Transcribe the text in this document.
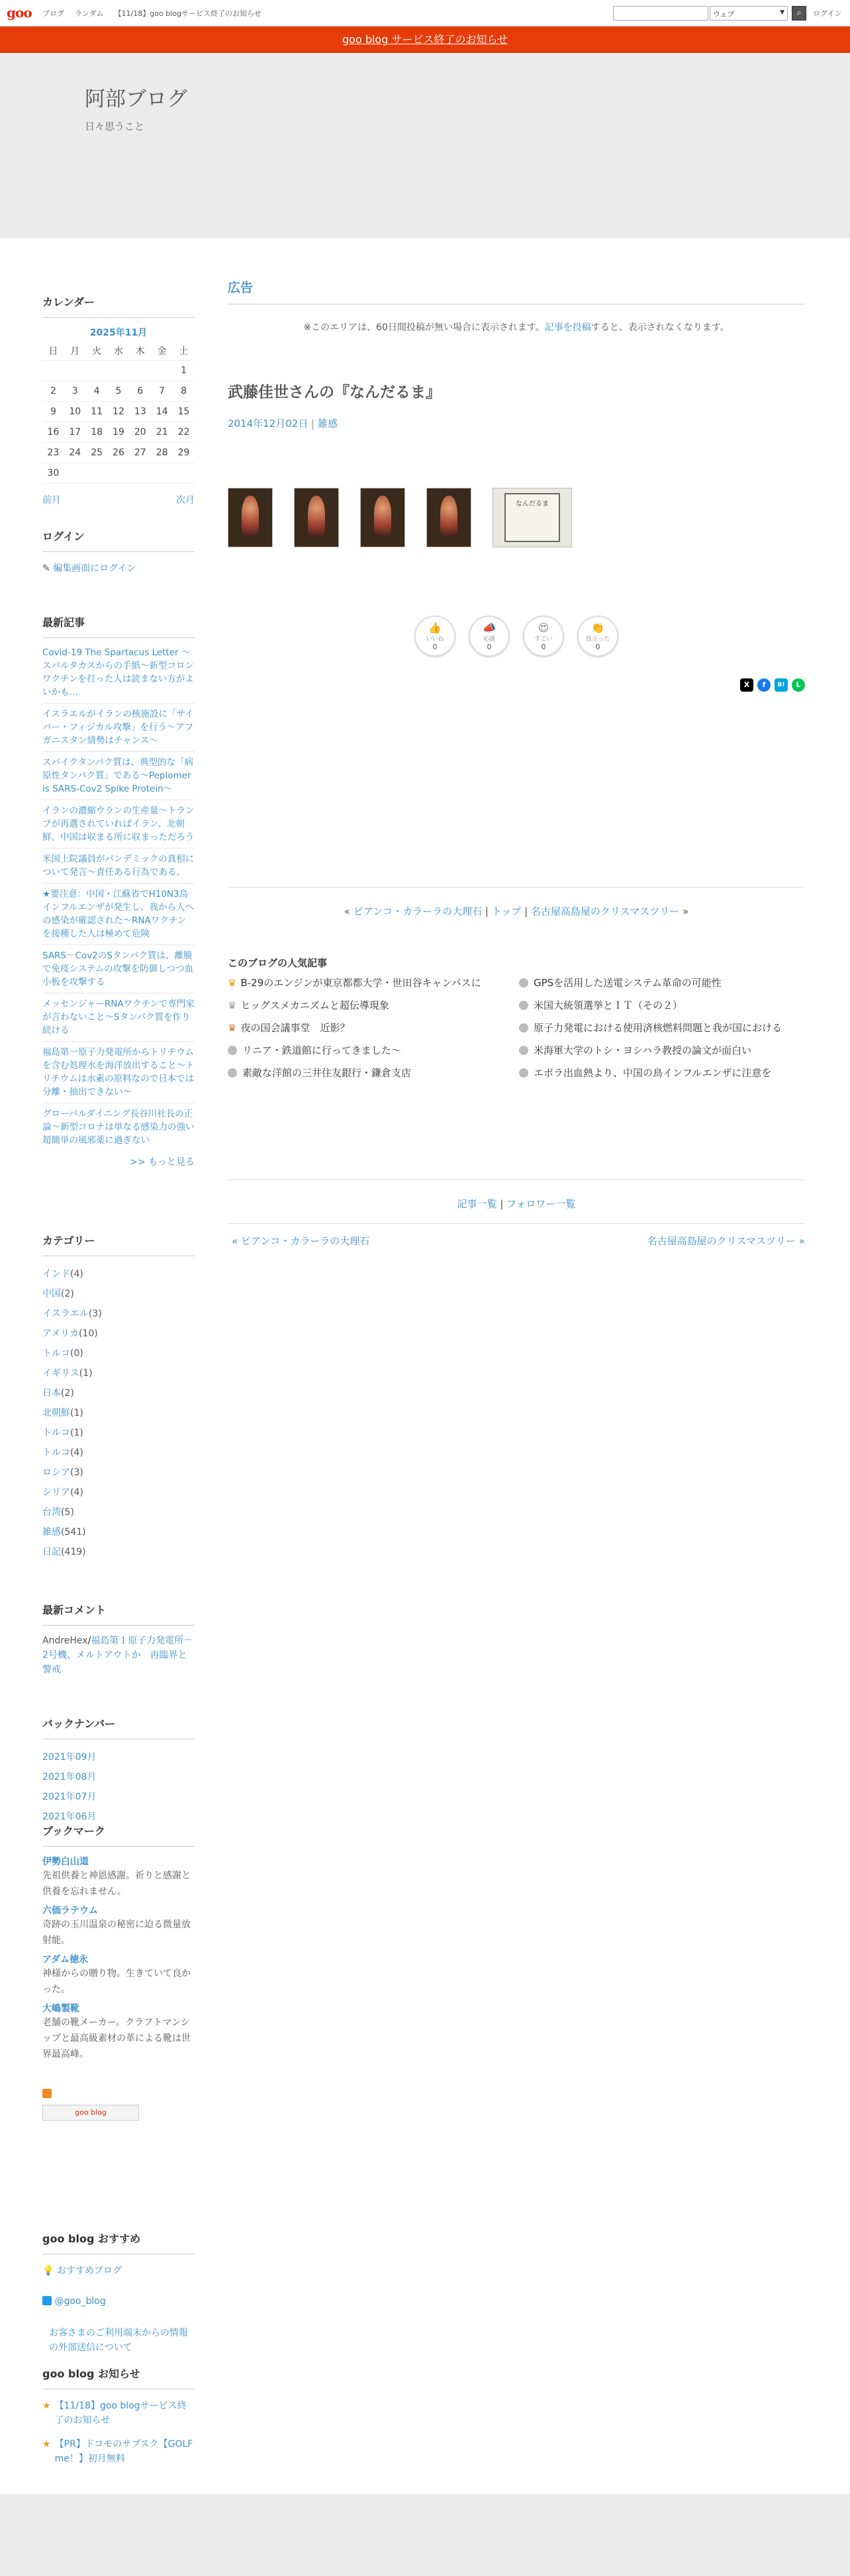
goo ブログ ランダム 【11/18】goo blogサービス終了のお知らせ	ウェブ ▼	⌕	ログイン
goo blog サービス終了のお知らせ
阿部ブログ
日々思うこと
カレンダー
2025年11月
日	月	火	水	木	金	土
						1
2	3	4	5	6	7	8
9	10	11	12	13	14	15
16	17	18	19	20	21	22
23	24	25	26	27	28	29
30						
前月	次月
ログイン
✎ 編集画面にログイン
最新記事
Covid-19 The Spartacus Letter ～スパルタカスからの手紙～新型コロンワクチンを打った人は読まない方がよいかも…
イスラエルがイランの核施設に「サイバー・フィジカル攻撃」を行う～アフガニスタン情勢はチャンス～
スパイクタンパク質は、典型的な「病原性タンパク質」である～Peplomer is SARS-Cov2 Spike Protein～
イランの濃縮ウランの生産量～トランプが再選されていればイラン、北朝鮮、中国は収まる所に収まっただろう
米国上院議員がパンデミックの真相について発言～責任ある行為である。
★要注意：中国・江蘇省でH10N3鳥インフルエンザが発生し、我から人への感染が確認された～RNAワクチンを接種した人は極めて危険
SARS－Cov2のSタンパク質は、離膜で免疫システムの攻撃を防御しつつ血小板を攻撃する
メッセンジャーRNAワクチンで専門家が言わないこと～Sタンパク質を作り続ける
福島第一原子力発電所からトリチウムを含む処理水を海洋放出すること～トリチウムは水素の原料なので日本では分離・抽出できない～
グローバルダイニング長谷川社長の正論～新型コロナは単なる感染力の強い超簡単の風邪薬に過ぎない
>> もっと見る
カテゴリー
インド(4)
中国(2)
イスラエル(3)
アメリカ(10)
トルコ(0)
イギリス(1)
日本(2)
北朝鮮(1)
トルコ(1)
トルコ(4)
ロシア(3)
シリア(4)
台湾(5)
雑感(541)
日記(419)
最新コメント
AndreHex/福島第１原子力発電所－2号機、メルトアウトか　再臨界と警戒
バックナンバー
2021年09月
2021年08月
2021年07月
2021年06月
ブックマーク
伊勢白山道
先祖供養と神恩感謝。祈りと感謝と供養を忘れません。
六価ラテウム
奇跡の玉川温泉の秘密に迫る微量放射能。
アダム徳永
神様からの贈り物。生きていて良かった。
大嶋製靴
老舗の靴メーカー。クラフトマンシップと最高級素材の革による靴は世界最高峰。
goo blog
goo blog おすすめ
💡 おすすめブログ
@goo_blog
お客さまのご利用端末からの情報の外部送信について
goo blog お知らせ
★ 【11/18】goo blogサービス終了のお知らせ
★ 【PR】ドコモのサブスク【GOLF me！】初月無料
広告
※このエリアは、60日間投稿が無い場合に表示されます。記事を投稿すると、表示されなくなります。
武藤佳世さんの『なんだるま』
2014年12月02日 | 雑感
なんだるま
👍
いいね
0
📣
応援
0
😍
すごい
0
👏
役立った
0
X	f	B!	L
« ピアンコ・カラーラの大理石 | トップ | 名古屋高島屋のクリスマスツリー »
このブログの人気記事
♛ B-29のエンジンが東京都都大学・世田谷キャンパスに	GPSを活用した送電システム革命の可能性
♛ ヒッグスメカニズムと超伝導現象	米国大統領選挙とＩＴ（その２）
♛ 夜の国会議事堂　近影？	原子力発電における使用済核燃料問題と我が国における
リニア・鉄道館に行ってきました～	米海軍大学のトシ・ヨシハラ教授の論文が面白い
素敵な洋館の三井住友銀行・鎌倉支店	エボラ出血熱より、中国の鳥インフルエンザに注意を
記事一覧 | フォロワー一覧
« ピアンコ・カラーラの大理石	名古屋高島屋のクリスマスツリー »
